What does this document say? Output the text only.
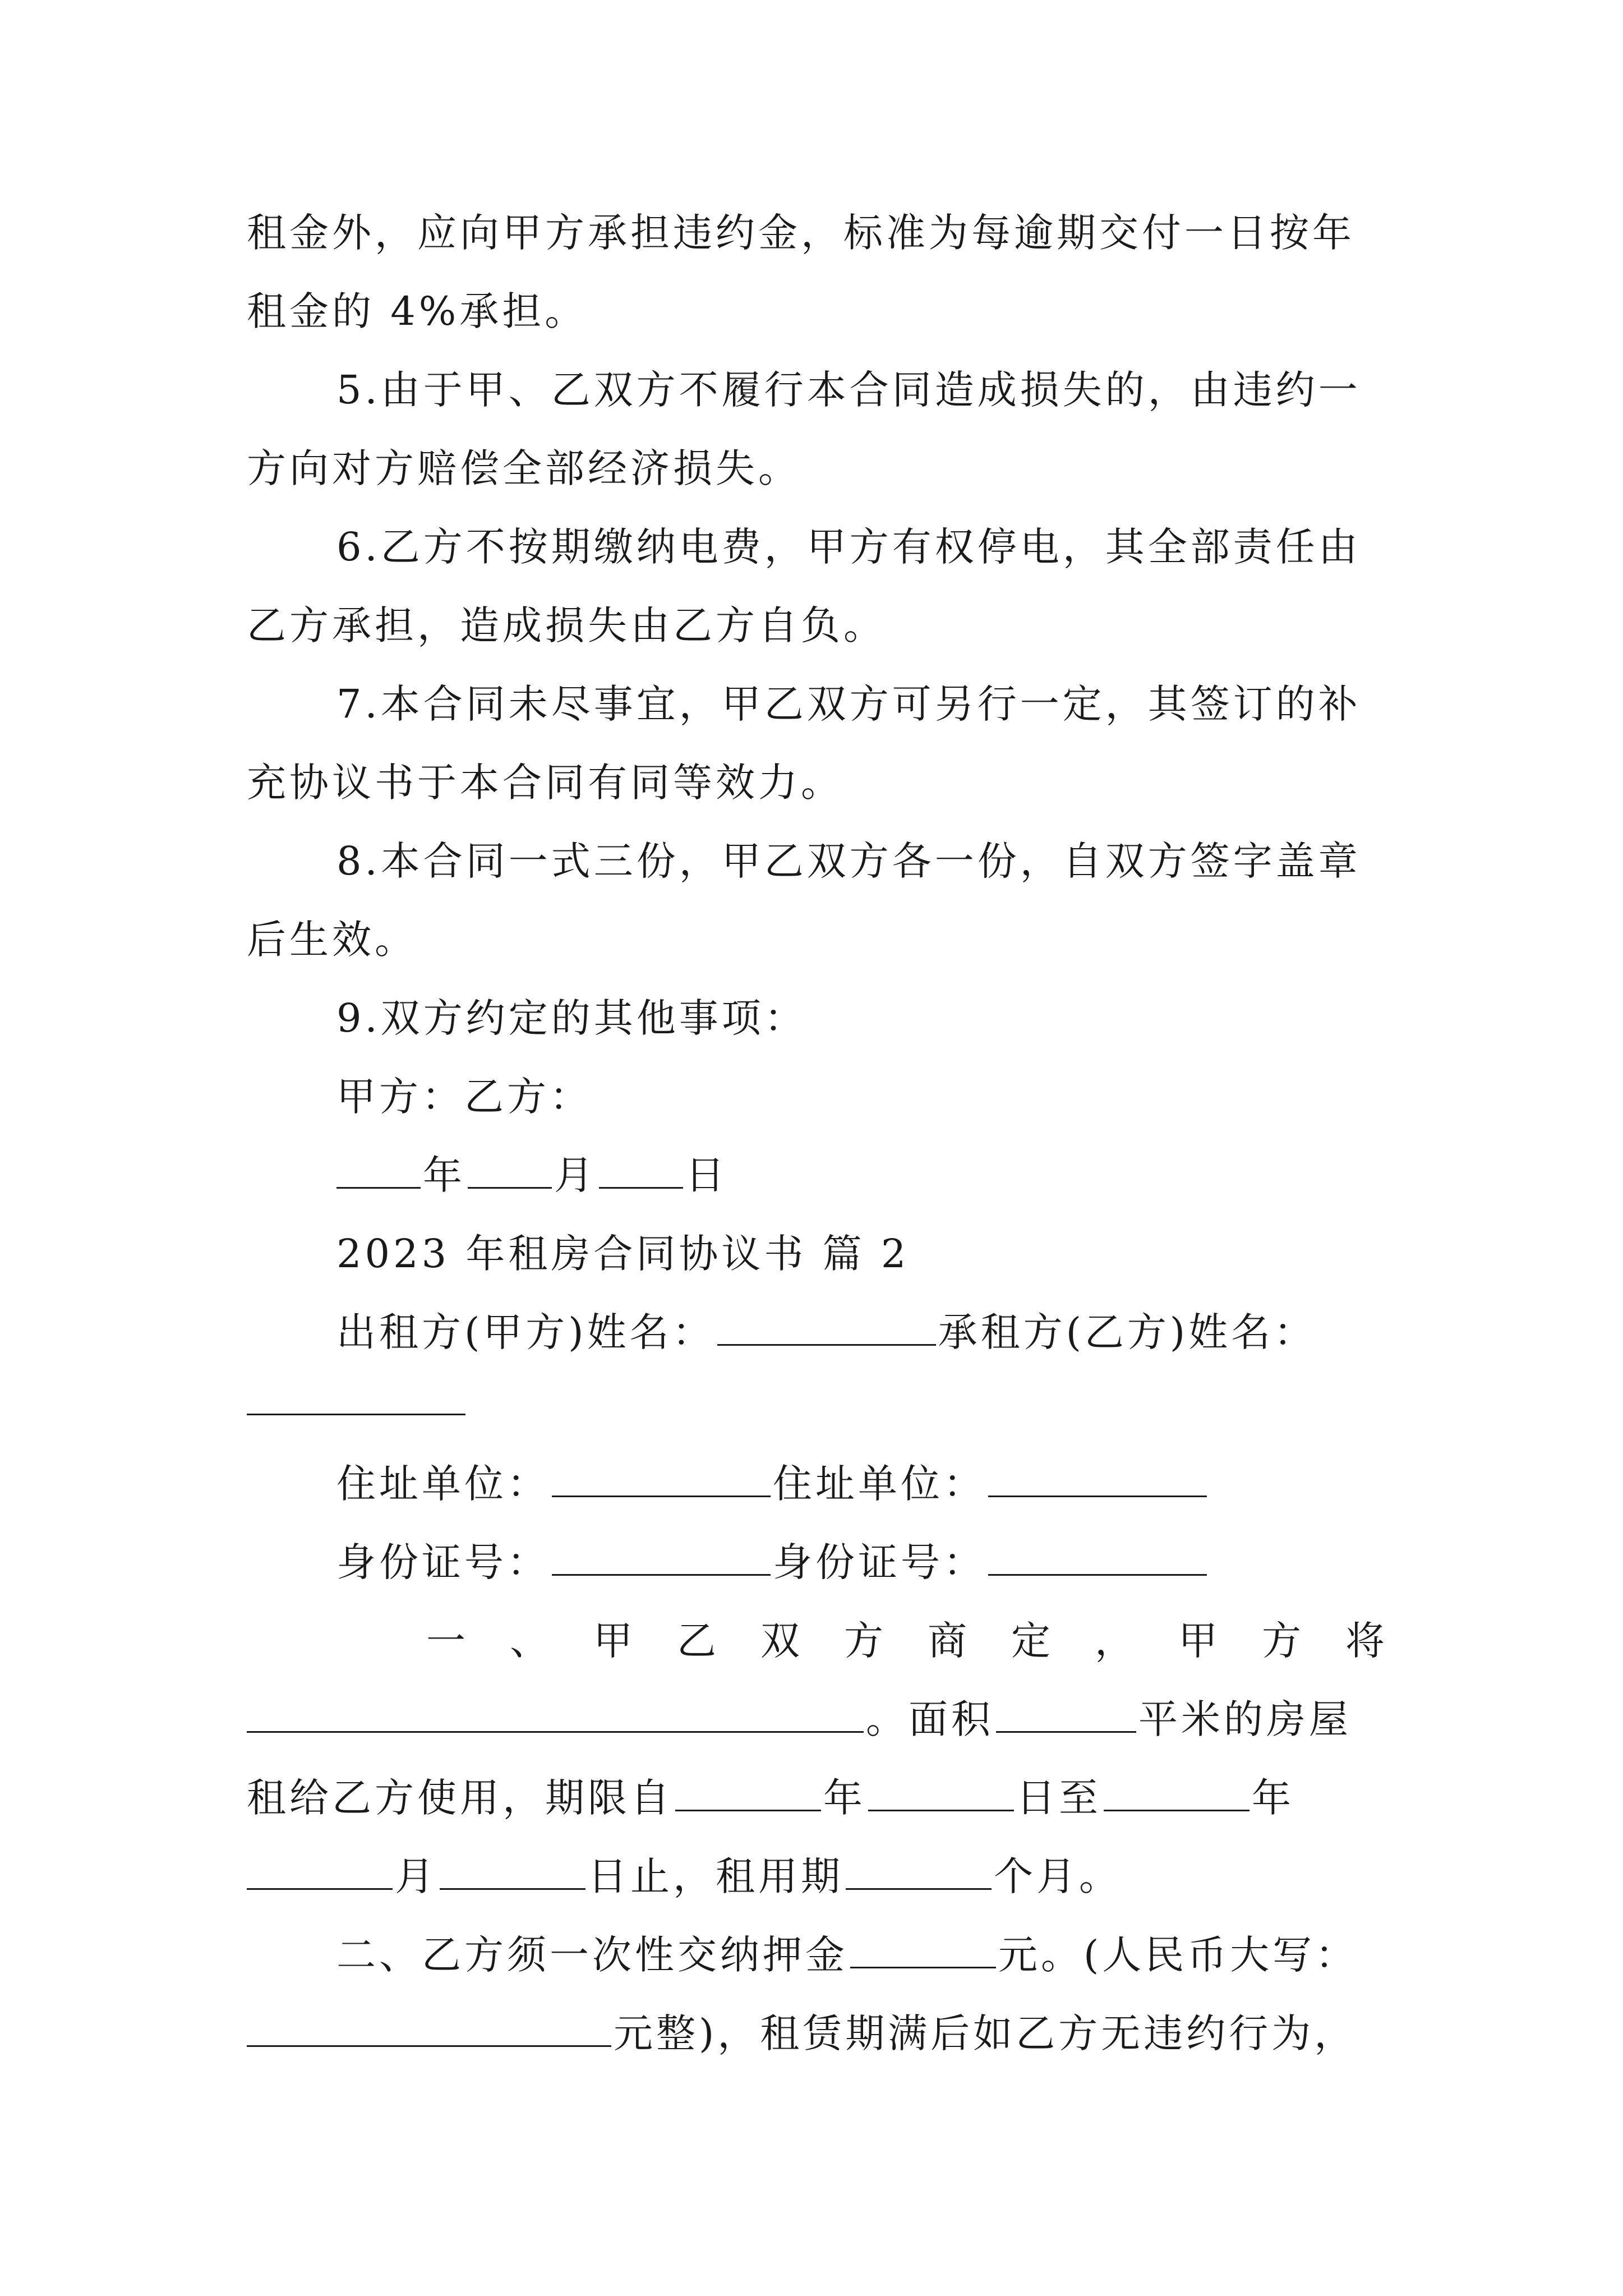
租金外，应向甲方承担违约金，标准为每逾期交付一日按年
租金的 4%承担。
5.由于甲、乙双方不履行本合同造成损失的，由违约一
方向对方赔偿全部经济损失。
6.乙方不按期缴纳电费，甲方有权停电，其全部责任由
乙方承担，造成损失由乙方自负。
7.本合同未尽事宜，甲乙双方可另行一定，其签订的补
充协议书于本合同有同等效力。
8.本合同一式三份，甲乙双方各一份，自双方签字盖章
后生效。
9.双方约定的其他事项：
甲方：乙方：
年 月 日
2023 年租房合同协议书 篇 2
出租方(甲方)姓名：	承租方(乙方)姓名：
住址单位：	住址单位：
身份证号：	身份证号：
一 、 甲 乙 双 方 商 定 ， 甲 方 将
。面积	平米的房屋
租给乙方使用，期限自	年	日至	年
月	日止，租用期	个月。
二、乙方须一次性交纳押金	元。(人民币大写：
元整)，租赁期满后如乙方无违约行为，
